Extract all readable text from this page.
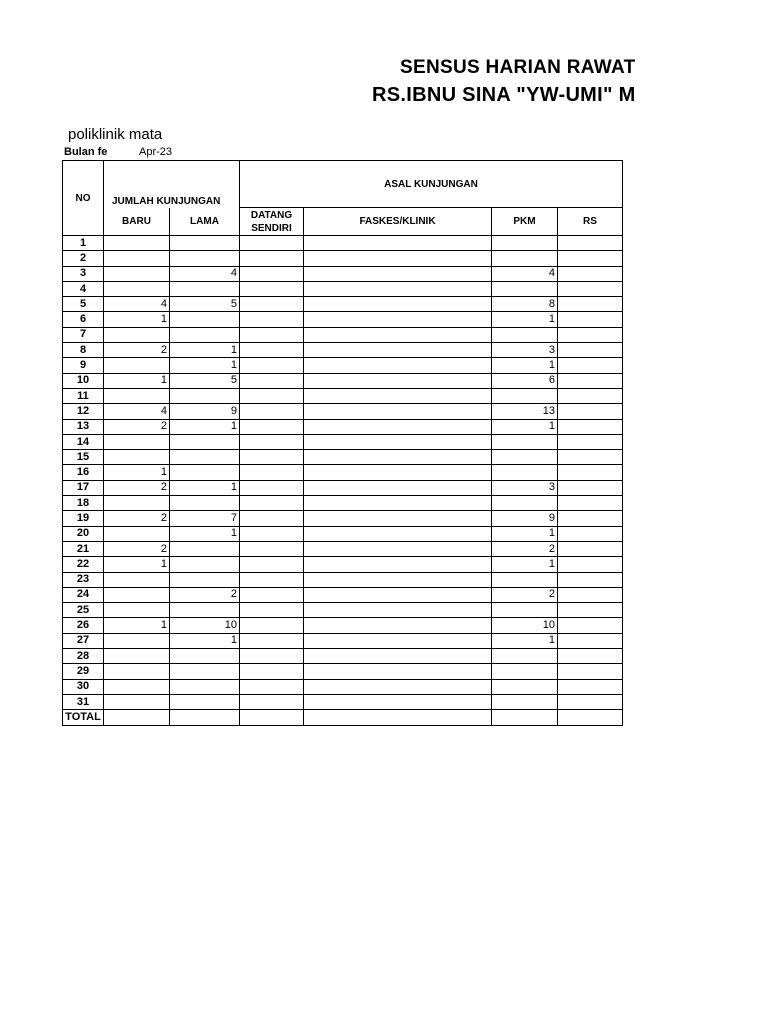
SENSUS HARIAN RAWAT
RS.IBNU SINA "YW-UMI" M
poliklinik mata
Bulan fe	Apr-23
NO	JUMLAH KUNJUNGAN		ASAL KUNJUNGAN			
	BARU	LAMA	DATANG SENDIRI	FASKES/KLINIK	PKM	RS
1						
2						
3		4			4	
4						
5	4	5			8	
6	1				1	
7						
8	2	1			3	
9		1			1	
10	1	5			6	
11						
12	4	9			13	
13	2	1			1	
14						
15						
16	1					
17	2	1			3	
18						
19	2	7			9	
20		1			1	
21	2				2	
22	1				1	
23						
24		2			2	
25						
26	1	10			10	
27		1			1	
28						
29						
30						
31						
TOTAL						
